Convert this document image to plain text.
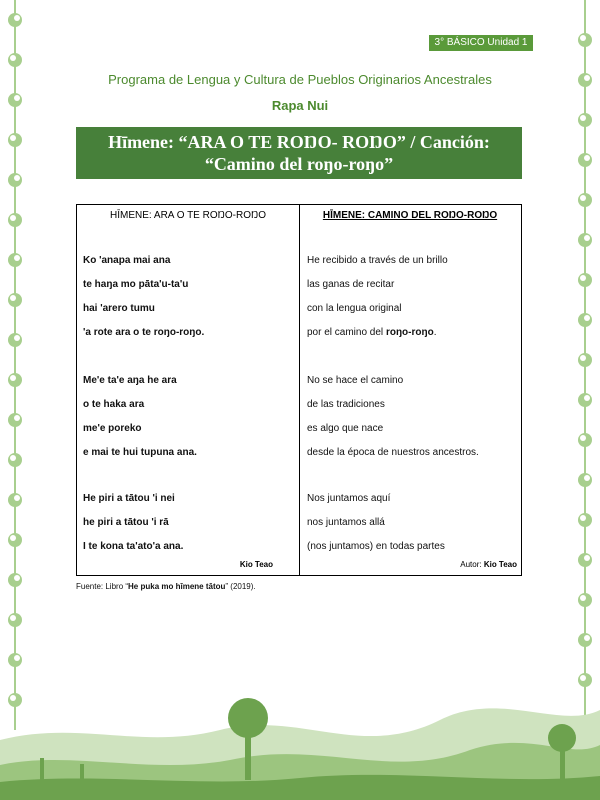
3° BÁSICO Unidad 1
Programa de Lengua y Cultura de Pueblos Originarios Ancestrales
Rapa Nui
Hīmene: “ARA O TE ROŊO- ROŊO” / Canción: “Camino del roŋo-roŋo”
HĪMENE: ARA O TE ROŊO-ROŊO
Ko 'anapa mai ana
te haŋa mo pāta'u-ta'u
hai 'arero tumu
'a rote ara o te roŋo-roŋo.
Me'e ta'e aŋa he ara
o te haka ara
me'e poreko
e mai te hui tupuna ana.
He piri a tātou 'i nei
he piri a tātou 'i rā
I te kona ta'ato'a ana.
Kio Teao
HĪMENE: CAMINO DEL ROŊO-ROŊO
He recibido a través de un brillo
las ganas de recitar
con la lengua original
por el camino del roŋo-roŋo.
No se hace el camino
de las tradiciones
es algo que nace
desde la época de nuestros ancestros.
Nos juntamos aquí
nos juntamos allá
(nos juntamos) en todas partes
Autor: Kio Teao
Fuente: Libro “He puka mo hīmene tātou” (2019).
